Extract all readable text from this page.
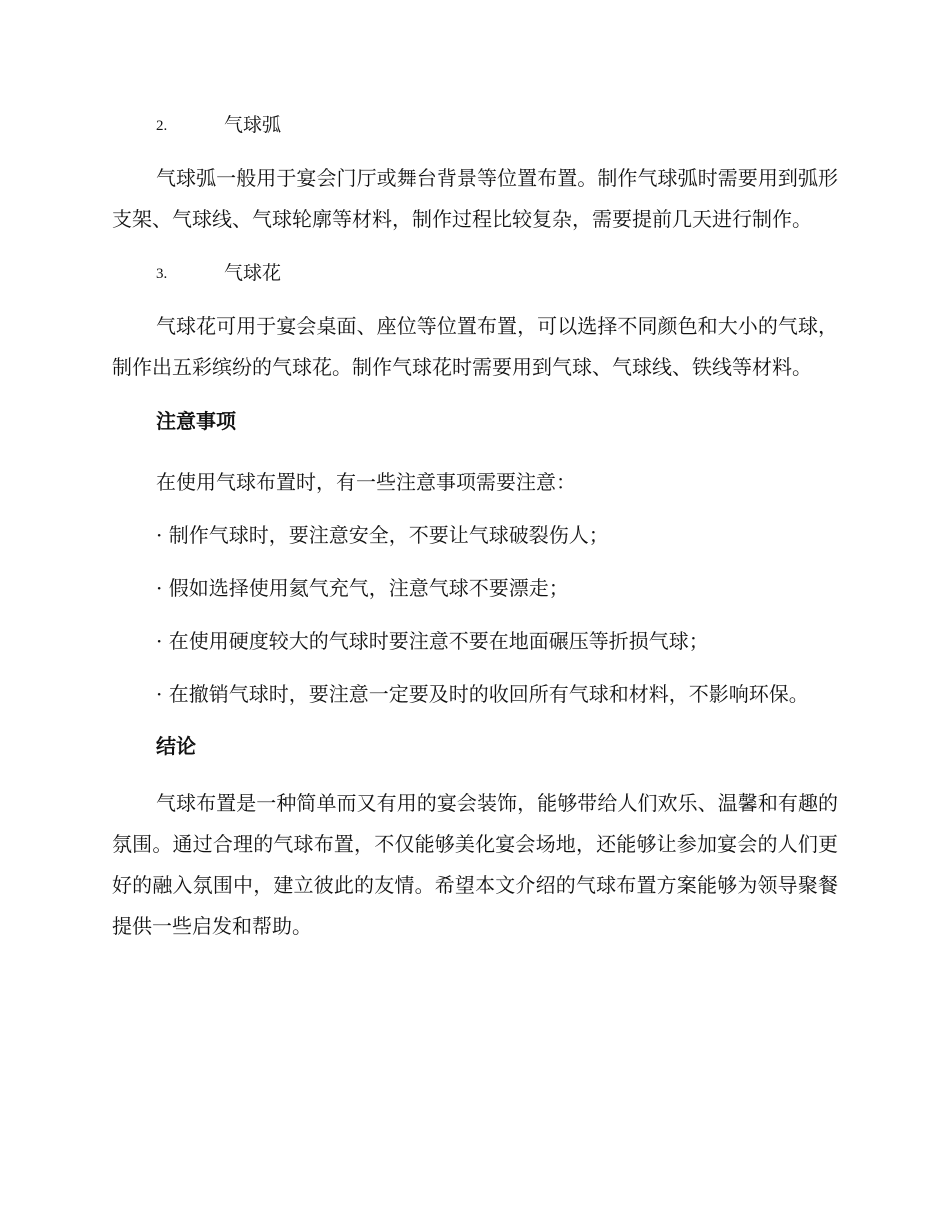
2.	气球弧

气球弧一般用于宴会门厅或舞台背景等位置布置。制作气球弧时需要用到弧形支架、气球线、气球轮廓等材料，制作过程比较复杂，需要提前几天进行制作。

3.	气球花

气球花可用于宴会桌面、座位等位置布置，可以选择不同颜色和大小的气球，制作出五彩缤纷的气球花。制作气球花时需要用到气球、气球线、铁线等材料。

注意事项

在使用气球布置时，有一些注意事项需要注意：

· 制作气球时，要注意安全，不要让气球破裂伤人；

· 假如选择使用氦气充气，注意气球不要漂走；

· 在使用硬度较大的气球时要注意不要在地面碾压等折损气球；

· 在撤销气球时，要注意一定要及时的收回所有气球和材料，不影响环保。

结论

气球布置是一种简单而又有用的宴会装饰，能够带给人们欢乐、温馨和有趣的氛围。通过合理的气球布置，不仅能够美化宴会场地，还能够让参加宴会的人们更好的融入氛围中，建立彼此的友情。希望本文介绍的气球布置方案能够为领导聚餐提供一些启发和帮助。
